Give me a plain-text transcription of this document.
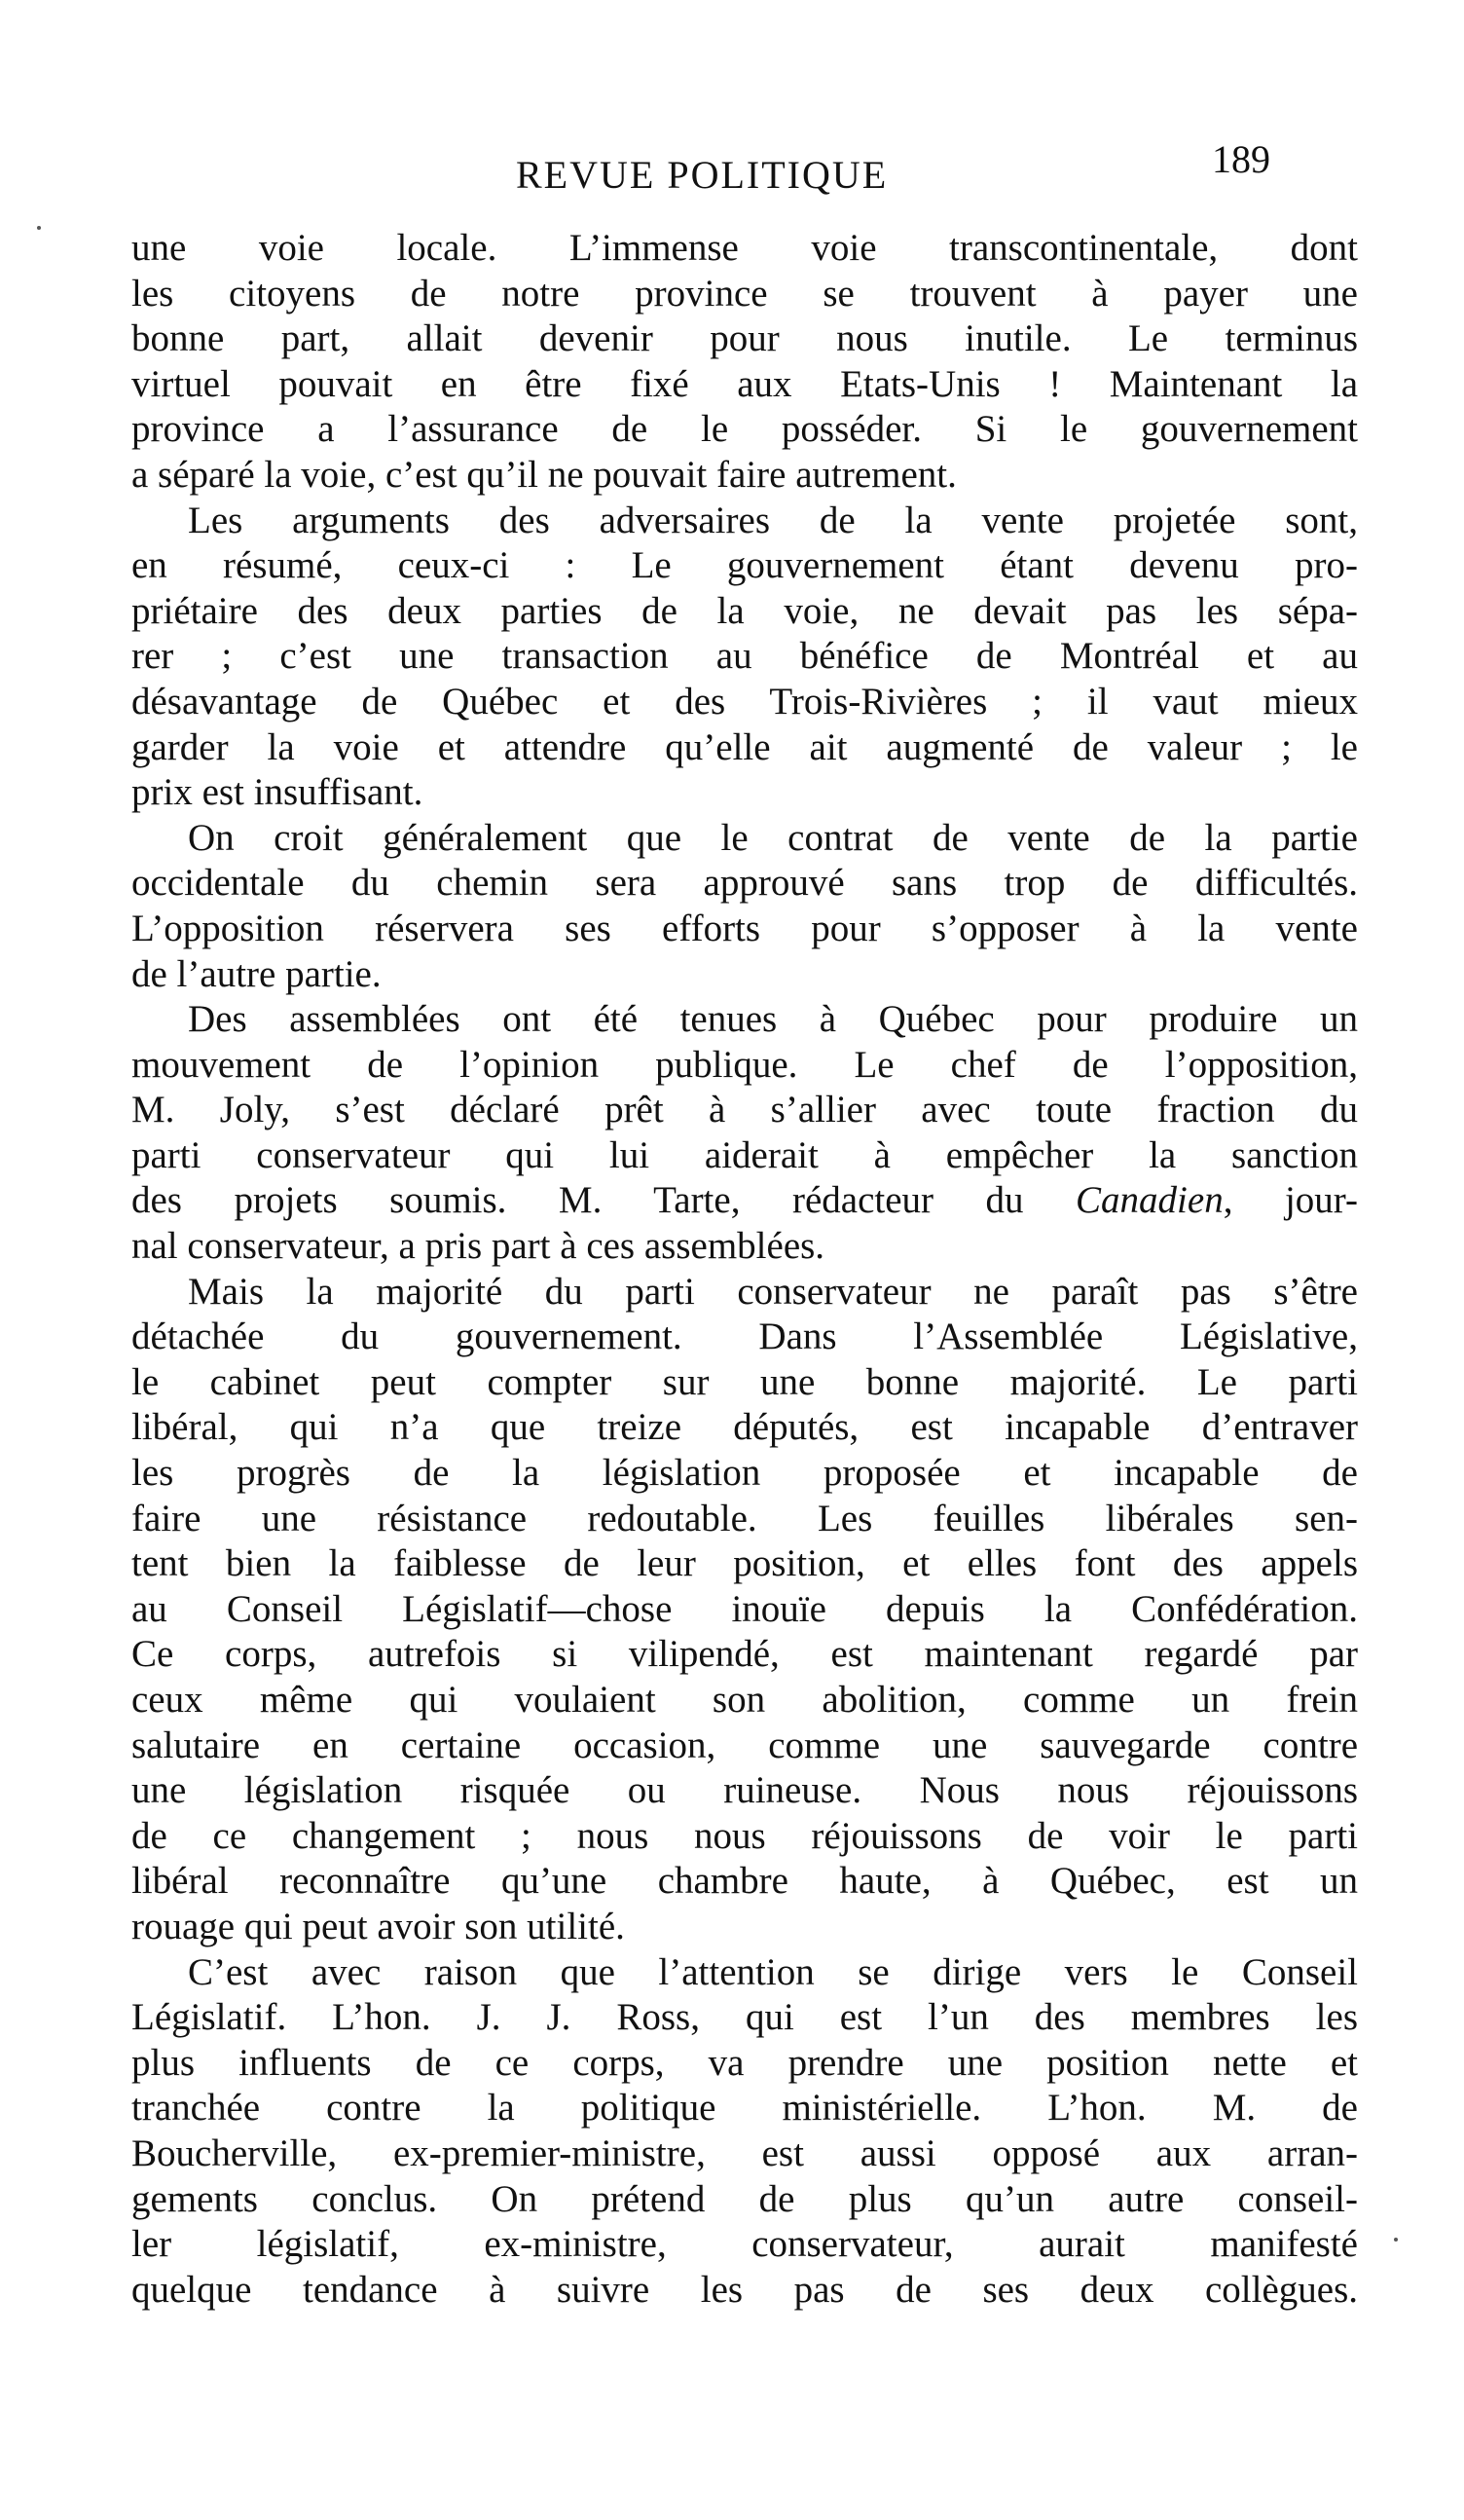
REVUE POLITIQUE	189
une voie locale. L’immense voie transcontinentale, dont
les citoyens de notre province se trouvent à payer une
bonne part, allait devenir pour nous inutile. Le terminus
virtuel pouvait en être fixé aux Etats-Unis ! Maintenant la
province a l’assurance de le posséder. Si le gouvernement
a séparé la voie, c’est qu’il ne pouvait faire autrement.
Les arguments des adversaires de la vente projetée sont,
en résumé, ceux-ci : Le gouvernement étant devenu pro-
priétaire des deux parties de la voie, ne devait pas les sépa-
rer ; c’est une transaction au bénéfice de Montréal et au
désavantage de Québec et des Trois-Rivières ; il vaut mieux
garder la voie et attendre qu’elle ait augmenté de valeur ; le
prix est insuffisant.
On croit généralement que le contrat de vente de la partie
occidentale du chemin sera approuvé sans trop de difficultés.
L’opposition réservera ses efforts pour s’opposer à la vente
de l’autre partie.
Des assemblées ont été tenues à Québec pour produire un
mouvement de l’opinion publique. Le chef de l’opposition,
M. Joly, s’est déclaré prêt à s’allier avec toute fraction du
parti conservateur qui lui aiderait à empêcher la sanction
des projets soumis. M. Tarte, rédacteur du Canadien, jour-
nal conservateur, a pris part à ces assemblées.
Mais la majorité du parti conservateur ne paraît pas s’être
détachée du gouvernement. Dans l’Assemblée Législative,
le cabinet peut compter sur une bonne majorité. Le parti
libéral, qui n’a que treize députés, est incapable d’entraver
les progrès de la législation proposée et incapable de
faire une résistance redoutable. Les feuilles libérales sen-
tent bien la faiblesse de leur position, et elles font des appels
au Conseil Législatif—chose inouïe depuis la Confédération.
Ce corps, autrefois si vilipendé, est maintenant regardé par
ceux même qui voulaient son abolition, comme un frein
salutaire en certaine occasion, comme une sauvegarde contre
une législation risquée ou ruineuse. Nous nous réjouissons
de ce changement ; nous nous réjouissons de voir le parti
libéral reconnaître qu’une chambre haute, à Québec, est un
rouage qui peut avoir son utilité.
C’est avec raison que l’attention se dirige vers le Conseil
Législatif. L’hon. J. J. Ross, qui est l’un des membres les
plus influents de ce corps, va prendre une position nette et
tranchée contre la politique ministérielle. L’hon. M. de
Boucherville, ex-premier-ministre, est aussi opposé aux arran-
gements conclus. On prétend de plus qu’un autre conseil-
ler législatif, ex-ministre, conservateur, aurait manifesté
quelque tendance à suivre les pas de ses deux collègues.
